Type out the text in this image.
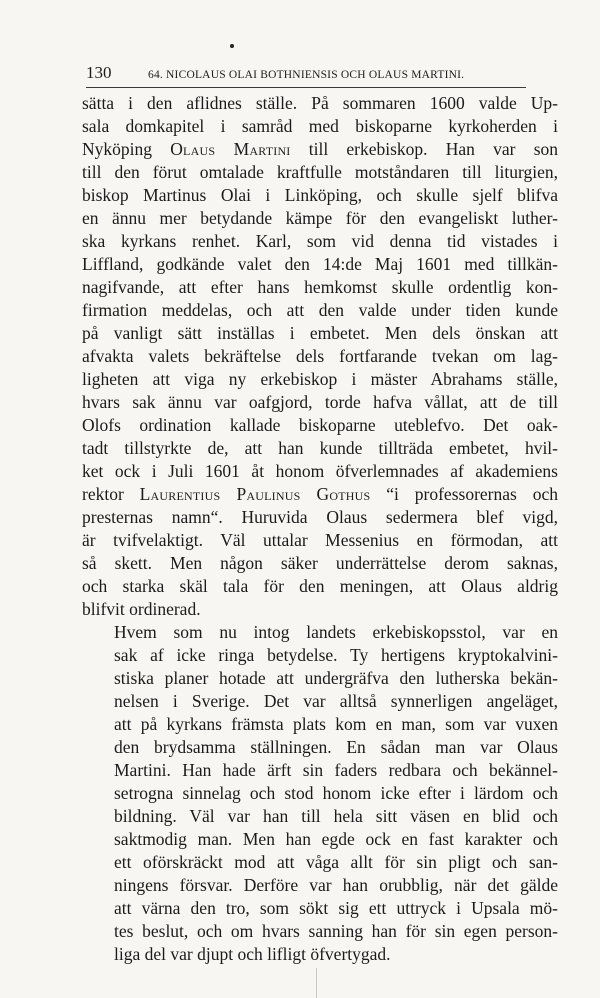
130	64. NICOLAUS OLAI BOTHNIENSIS OCH OLAUS MARTINI.
sätta i den aflidnes ställe. På sommaren 1600 valde Up-
sala domkapitel i samråd med biskoparne kyrkoherden i
Nyköping Olaus Martini till erkebiskop. Han var son
till den förut omtalade kraftfulle motståndaren till liturgien,
biskop Martinus Olai i Linköping, och skulle sjelf blifva
en ännu mer betydande kämpe för den evangeliskt luther-
ska kyrkans renhet. Karl, som vid denna tid vistades i
Liffland, godkände valet den 14:de Maj 1601 med tillkän-
nagifvande, att efter hans hemkomst skulle ordentlig kon-
firmation meddelas, och att den valde under tiden kunde
på vanligt sätt inställas i embetet. Men dels önskan att
afvakta valets bekräftelse dels fortfarande tvekan om lag-
ligheten att viga ny erkebiskop i mäster Abrahams ställe,
hvars sak ännu var oafgjord, torde hafva vållat, att de till
Olofs ordination kallade biskoparne uteblefvo. Det oak-
tadt tillstyrkte de, att han kunde tillträda embetet, hvil-
ket ock i Juli 1601 åt honom öfverlemnades af akademiens
rektor Laurentius Paulinus Gothus “i professorernas och
presternas namn“. Huruvida Olaus sedermera blef vigd,
är tvifvelaktigt. Väl uttalar Messenius en förmodan, att
så skett. Men någon säker underrättelse derom saknas,
och starka skäl tala för den meningen, att Olaus aldrig
blifvit ordinerad.
Hvem som nu intog landets erkebiskopsstol, var en
sak af icke ringa betydelse. Ty hertigens kryptokalvini-
stiska planer hotade att undergräfva den lutherska bekän-
nelsen i Sverige. Det var alltså synnerligen angeläget,
att på kyrkans främsta plats kom en man, som var vuxen
den brydsamma ställningen. En sådan man var Olaus
Martini. Han hade ärft sin faders redbara och bekännel-
setrogna sinnelag och stod honom icke efter i lärdom och
bildning. Väl var han till hela sitt väsen en blid och
saktmodig man. Men han egde ock en fast karakter och
ett oförskräckt mod att våga allt för sin pligt och san-
ningens försvar. Derföre var han orubblig, när det gälde
att värna den tro, som sökt sig ett uttryck i Upsala mö-
tes beslut, och om hvars sanning han för sin egen person-
liga del var djupt och lifligt öfvertygad.
